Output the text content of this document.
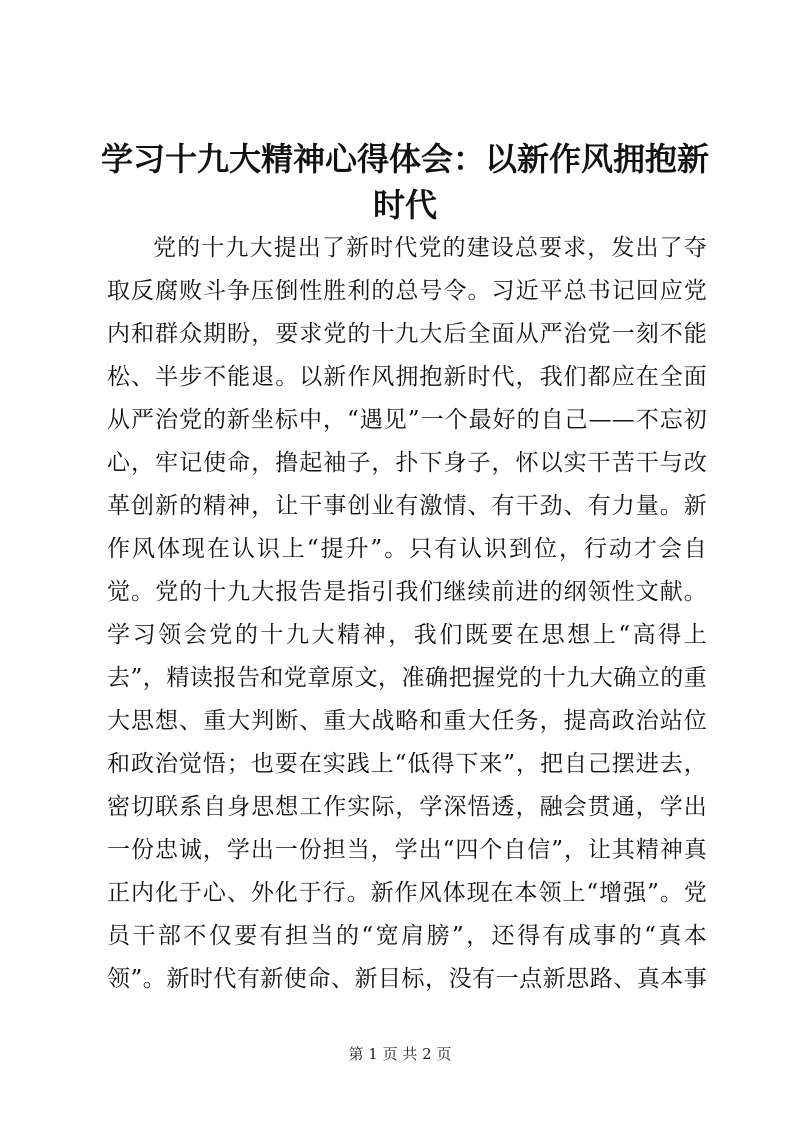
学习十九大精神心得体会：以新作风拥抱新时代
党的十九大提出了新时代党的建设总要求，发出了夺取反腐败斗争压倒性胜利的总号令。习近平总书记回应党内和群众期盼，要求党的十九大后全面从严治党一刻不能松、半步不能退。以新作风拥抱新时代，我们都应在全面从严治党的新坐标中，“遇见”一个最好的自己——不忘初心，牢记使命，撸起袖子，扑下身子，怀以实干苦干与改革创新的精神，让干事创业有激情、有干劲、有力量。新作风体现在认识上“提升”。只有认识到位，行动才会自觉。党的十九大报告是指引我们继续前进的纲领性文献。学习领会党的十九大精神，我们既要在思想上“高得上去”，精读报告和党章原文，准确把握党的十九大确立的重大思想、重大判断、重大战略和重大任务，提高政治站位和政治觉悟；也要在实践上“低得下来”，把自己摆进去，密切联系自身思想工作实际，学深悟透，融会贯通，学出一份忠诚，学出一份担当，学出“四个自信”，让其精神真正内化于心、外化于行。新作风体现在本领上“增强”。党员干部不仅要有担当的“宽肩膀”，还得有成事的“真本领”。新时代有新使命、新目标，没有一点新思路、真本事
第 1 页 共 2 页
